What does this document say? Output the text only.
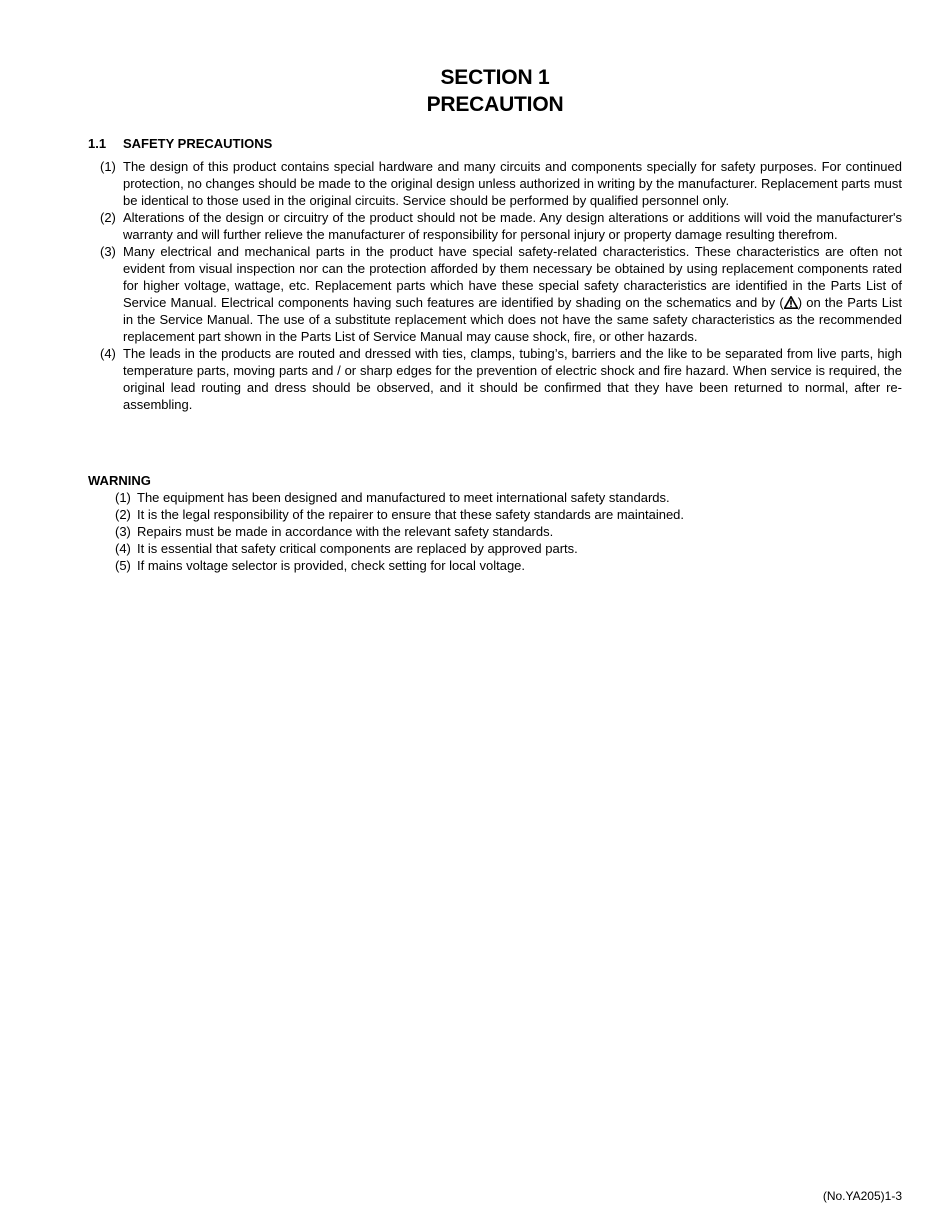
SECTION 1
PRECAUTION
1.1 SAFETY PRECAUTIONS

(1) The design of this product contains special hardware and many circuits and components specially for safety purposes. For continued protection, no changes should be made to the original design unless authorized in writing by the manufacturer. Replacement parts must be identical to those used in the original circuits. Service should be performed by qualified personnel only.

(2) Alterations of the design or circuitry of the product should not be made. Any design alterations or additions will void the manufacturer's warranty and will further relieve the manufacturer of responsibility for personal injury or property damage resulting therefrom.

(3) Many electrical and mechanical parts in the product have special safety-related characteristics. These characteristics are often not evident from visual inspection nor can the protection afforded by them necessary be obtained by using replacement components rated for higher voltage, wattage, etc. Replacement parts which have these special safety characteristics are identified in the Parts List of Service Manual. Electrical components having such features are identified by shading on the schematics and by ( ) on the Parts List in the Service Manual. The use of a substitute replacement which does not have the same safety characteristics as the recommended replacement part shown in the Parts List of Service Manual may cause shock, fire, or other hazards.

(4) The leads in the products are routed and dressed with ties, clamps, tubing’s, barriers and the like to be separated from live parts, high temperature parts, moving parts and / or sharp edges for the prevention of electric shock and fire hazard. When service is required, the original lead routing and dress should be observed, and it should be confirmed that they have been returned to normal, after re-assembling.

WARNING

(1) The equipment has been designed and manufactured to meet international safety standards.

(2) It is the legal responsibility of the repairer to ensure that these safety standards are maintained.

(3) Repairs must be made in accordance with the relevant safety standards.

(4) It is essential that safety critical components are replaced by approved parts.

(5) If mains voltage selector is provided, check setting for local voltage.

(No.YA205)1-3
